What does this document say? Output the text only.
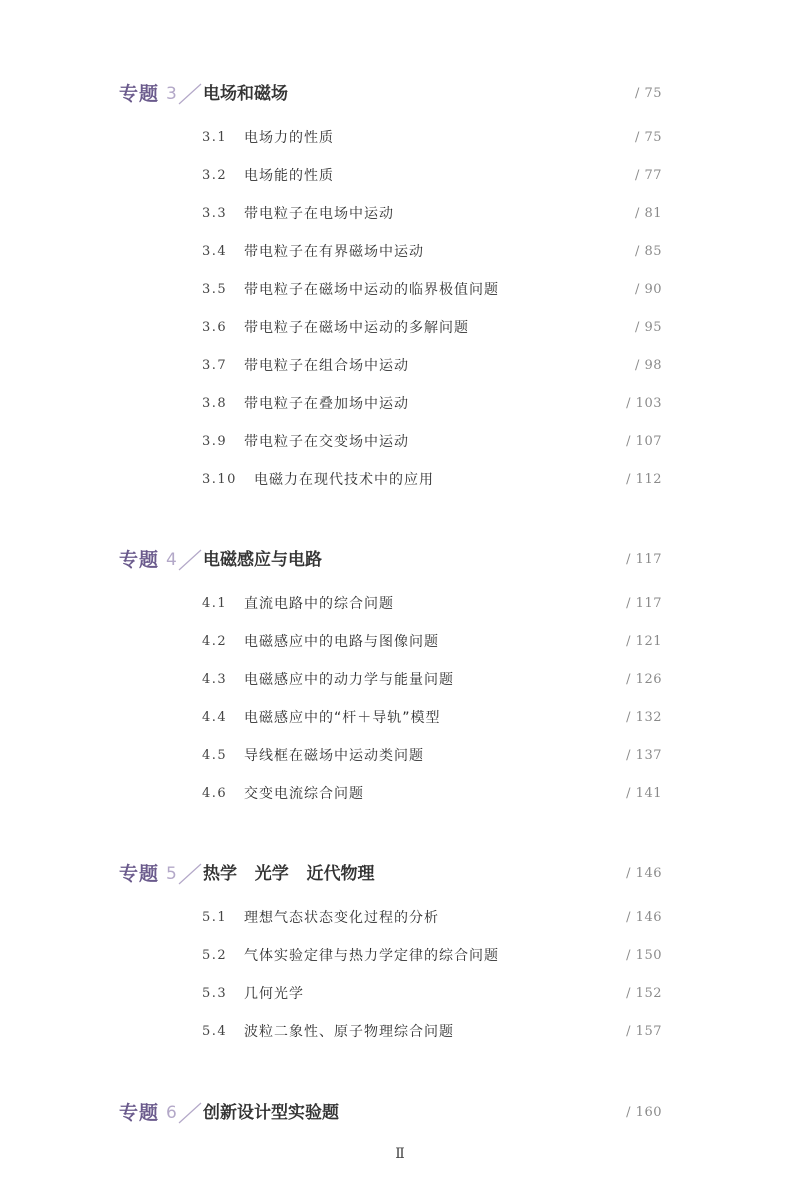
专题 3 电场和磁场	/ 75
3.1 电场力的性质	/ 75
3.2 电场能的性质	/ 77
3.3 带电粒子在电场中运动	/ 81
3.4 带电粒子在有界磁场中运动	/ 85
3.5 带电粒子在磁场中运动的临界极值问题	/ 90
3.6 带电粒子在磁场中运动的多解问题	/ 95
3.7 带电粒子在组合场中运动	/ 98
3.8 带电粒子在叠加场中运动	/ 103
3.9 带电粒子在交变场中运动	/ 107
3.10 电磁力在现代技术中的应用	/ 112
专题 4 电磁感应与电路	/ 117
4.1 直流电路中的综合问题	/ 117
4.2 电磁感应中的电路与图像问题	/ 121
4.3 电磁感应中的动力学与能量问题	/ 126
4.4 电磁感应中的“杆＋导轨”模型	/ 132
4.5 导线框在磁场中运动类问题	/ 137
4.6 交变电流综合问题	/ 141
专题 5 热学   光学   近代物理	/ 146
5.1 理想气态状态变化过程的分析	/ 146
5.2 气体实验定律与热力学定律的综合问题	/ 150
5.3 几何光学	/ 152
5.4 波粒二象性、原子物理综合问题	/ 157
专题 6 创新设计型实验题	/ 160
Ⅱ
